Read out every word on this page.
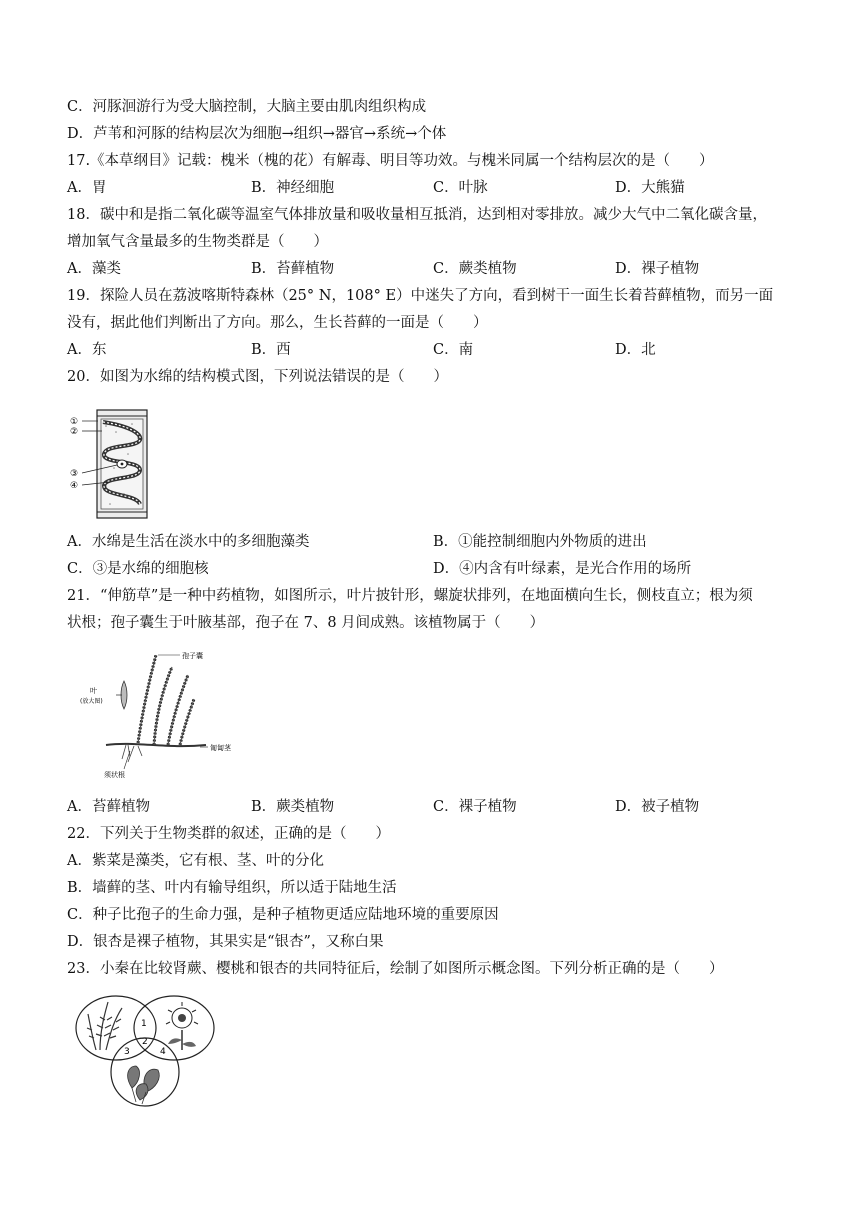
C．河豚洄游行为受大脑控制，大脑主要由肌肉组织构成
D．芦苇和河豚的结构层次为细胞→组织→器官→系统→个体
17.《本草纲目》记载：槐米（槐的花）有解毒、明目等功效。与槐米同属一个结构层次的是（　　）
A．胃	B．神经细胞	C．叶脉	D．大熊猫
18．碳中和是指二氧化碳等温室气体排放量和吸收量相互抵消，达到相对零排放。减少大气中二氧化碳含量，
增加氧气含量最多的生物类群是（　　）
A．藻类	B．苔藓植物	C．蕨类植物	D．裸子植物
19．探险人员在荔波喀斯特森林（25° N，108° E）中迷失了方向，看到树干一面生长着苔藓植物，而另一面
没有，据此他们判断出了方向。那么，生长苔藓的一面是（　　）
A．东	B．西	C．南	D．北
20．如图为水绵的结构模式图，下列说法错误的是（　　）
①
②
③
④
A．水绵是生活在淡水中的多细胞藻类	B．①能控制细胞内外物质的进出
C．③是水绵的细胞核	D．④内含有叶绿素，是光合作用的场所
21．“伸筋草”是一种中药植物，如图所示，叶片披针形，螺旋状排列，在地面横向生长，侧枝直立；根为须
状根；孢子囊生于叶腋基部，孢子在 7、8 月间成熟。该植物属于（　　）
孢子囊
叶
(放大图)
匍匐茎
须状根
A．苔藓植物	B．蕨类植物	C．裸子植物	D．被子植物
22．下列关于生物类群的叙述，正确的是（　　）
A．紫菜是藻类，它有根、茎、叶的分化
B．墙藓的茎、叶内有输导组织，所以适于陆地生活
C．种子比孢子的生命力强，是种子植物更适应陆地环境的重要原因
D．银杏是裸子植物，其果实是“银杏”，又称白果
23．小秦在比较肾蕨、樱桃和银杏的共同特征后，绘制了如图所示概念图。下列分析正确的是（　　）
1
2
3	4
